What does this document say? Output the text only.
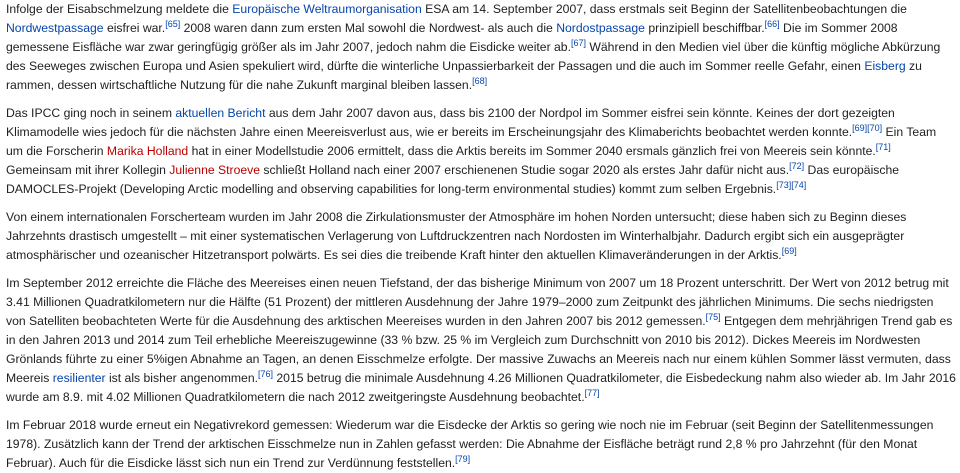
Infolge der Eisabschmelzung meldete die Europäische Weltraumorganisation ESA am 14. September 2007, dass erstmals seit Beginn der Satellitenbeobachtungen die Nordwestpassage eisfrei war.[65] 2008 waren dann zum ersten Mal sowohl die Nordwest- als auch die Nordostpassage prinzipiell beschiffbar.[66] Die im Sommer 2008 gemessene Eisfläche war zwar geringfügig größer als im Jahr 2007, jedoch nahm die Eisdicke weiter ab.[67] Während in den Medien viel über die künftig mögliche Abkürzung des Seeweges zwischen Europa und Asien spekuliert wird, dürfte die winterliche Unpassierbarkeit der Passagen und die auch im Sommer reelle Gefahr, einen Eisberg zu rammen, dessen wirtschaftliche Nutzung für die nahe Zukunft marginal bleiben lassen.[68]

Das IPCC ging noch in seinem aktuellen Bericht aus dem Jahr 2007 davon aus, dass bis 2100 der Nordpol im Sommer eisfrei sein könnte. Keines der dort gezeigten Klimamodelle wies jedoch für die nächsten Jahre einen Meereisverlust aus, wie er bereits im Erscheinungsjahr des Klimaberichts beobachtet werden konnte.[69][70] Ein Team um die Forscherin Marika Holland hat in einer Modellstudie 2006 ermittelt, dass die Arktis bereits im Sommer 2040 ersmals gänzlich frei von Meereis sein könnte.[71] Gemeinsam mit ihrer Kollegin Julienne Stroeve schließt Holland nach einer 2007 erschienenen Studie sogar 2020 als erstes Jahr dafür nicht aus.[72] Das europäische DAMOCLES-Projekt (Developing Arctic modelling and observing capabilities for long-term environmental studies) kommt zum selben Ergebnis.[73][74]

Von einem internationalen Forscherteam wurden im Jahr 2008 die Zirkulationsmuster der Atmosphäre im hohen Norden untersucht; diese haben sich zu Beginn dieses Jahrzehnts drastisch umgestellt – mit einer systematischen Verlagerung von Luftdruckzentren nach Nordosten im Winterhalbjahr. Dadurch ergibt sich ein ausgeprägter atmosphärischer und ozeanischer Hitzetransport polwärts. Es sei dies die treibende Kraft hinter den aktuellen Klimaveränderungen in der Arktis.[69]

Im September 2012 erreichte die Fläche des Meereises einen neuen Tiefstand, der das bisherige Minimum von 2007 um 18 Prozent unterschritt. Der Wert von 2012 betrug mit 3.41 Millionen Quadratkilometern nur die Hälfte (51 Prozent) der mittleren Ausdehnung der Jahre 1979–2000 zum Zeitpunkt des jährlichen Minimums. Die sechs niedrigsten von Satelliten beobachteten Werte für die Ausdehnung des arktischen Meereises wurden in den Jahren 2007 bis 2012 gemessen.[75] Entgegen dem mehrjährigen Trend gab es in den Jahren 2013 und 2014 zum Teil erhebliche Meereiszugewinne (33 % bzw. 25 % im Vergleich zum Durchschnitt von 2010 bis 2012). Dickes Meereis im Nordwesten Grönlands führte zu einer 5%igen Abnahme an Tagen, an denen Eisschmelze erfolgte. Der massive Zuwachs an Meereis nach nur einem kühlen Sommer lässt vermuten, dass Meereis resilienter ist als bisher angenommen.[76] 2015 betrug die minimale Ausdehnung 4.26 Millionen Quadratkilometer, die Eisbedeckung nahm also wieder ab. Im Jahr 2016 wurde am 8.9. mit 4.02 Millionen Quadratkilometern die nach 2012 zweitgeringste Ausdehnung beobachtet.[77]

Im Februar 2018 wurde erneut ein Negativrekord gemessen: Wiederum war die Eisdecke der Arktis so gering wie noch nie im Februar (seit Beginn der Satellitenmessungen 1978). Zusätzlich kann der Trend der arktischen Eisschmelze nun in Zahlen gefasst werden: Die Abnahme der Eisfläche beträgt rund 2,8 % pro Jahrzehnt (für den Monat Februar). Auch für die Eisdicke lässt sich nun ein Trend zur Verdünnung feststellen.[79]
